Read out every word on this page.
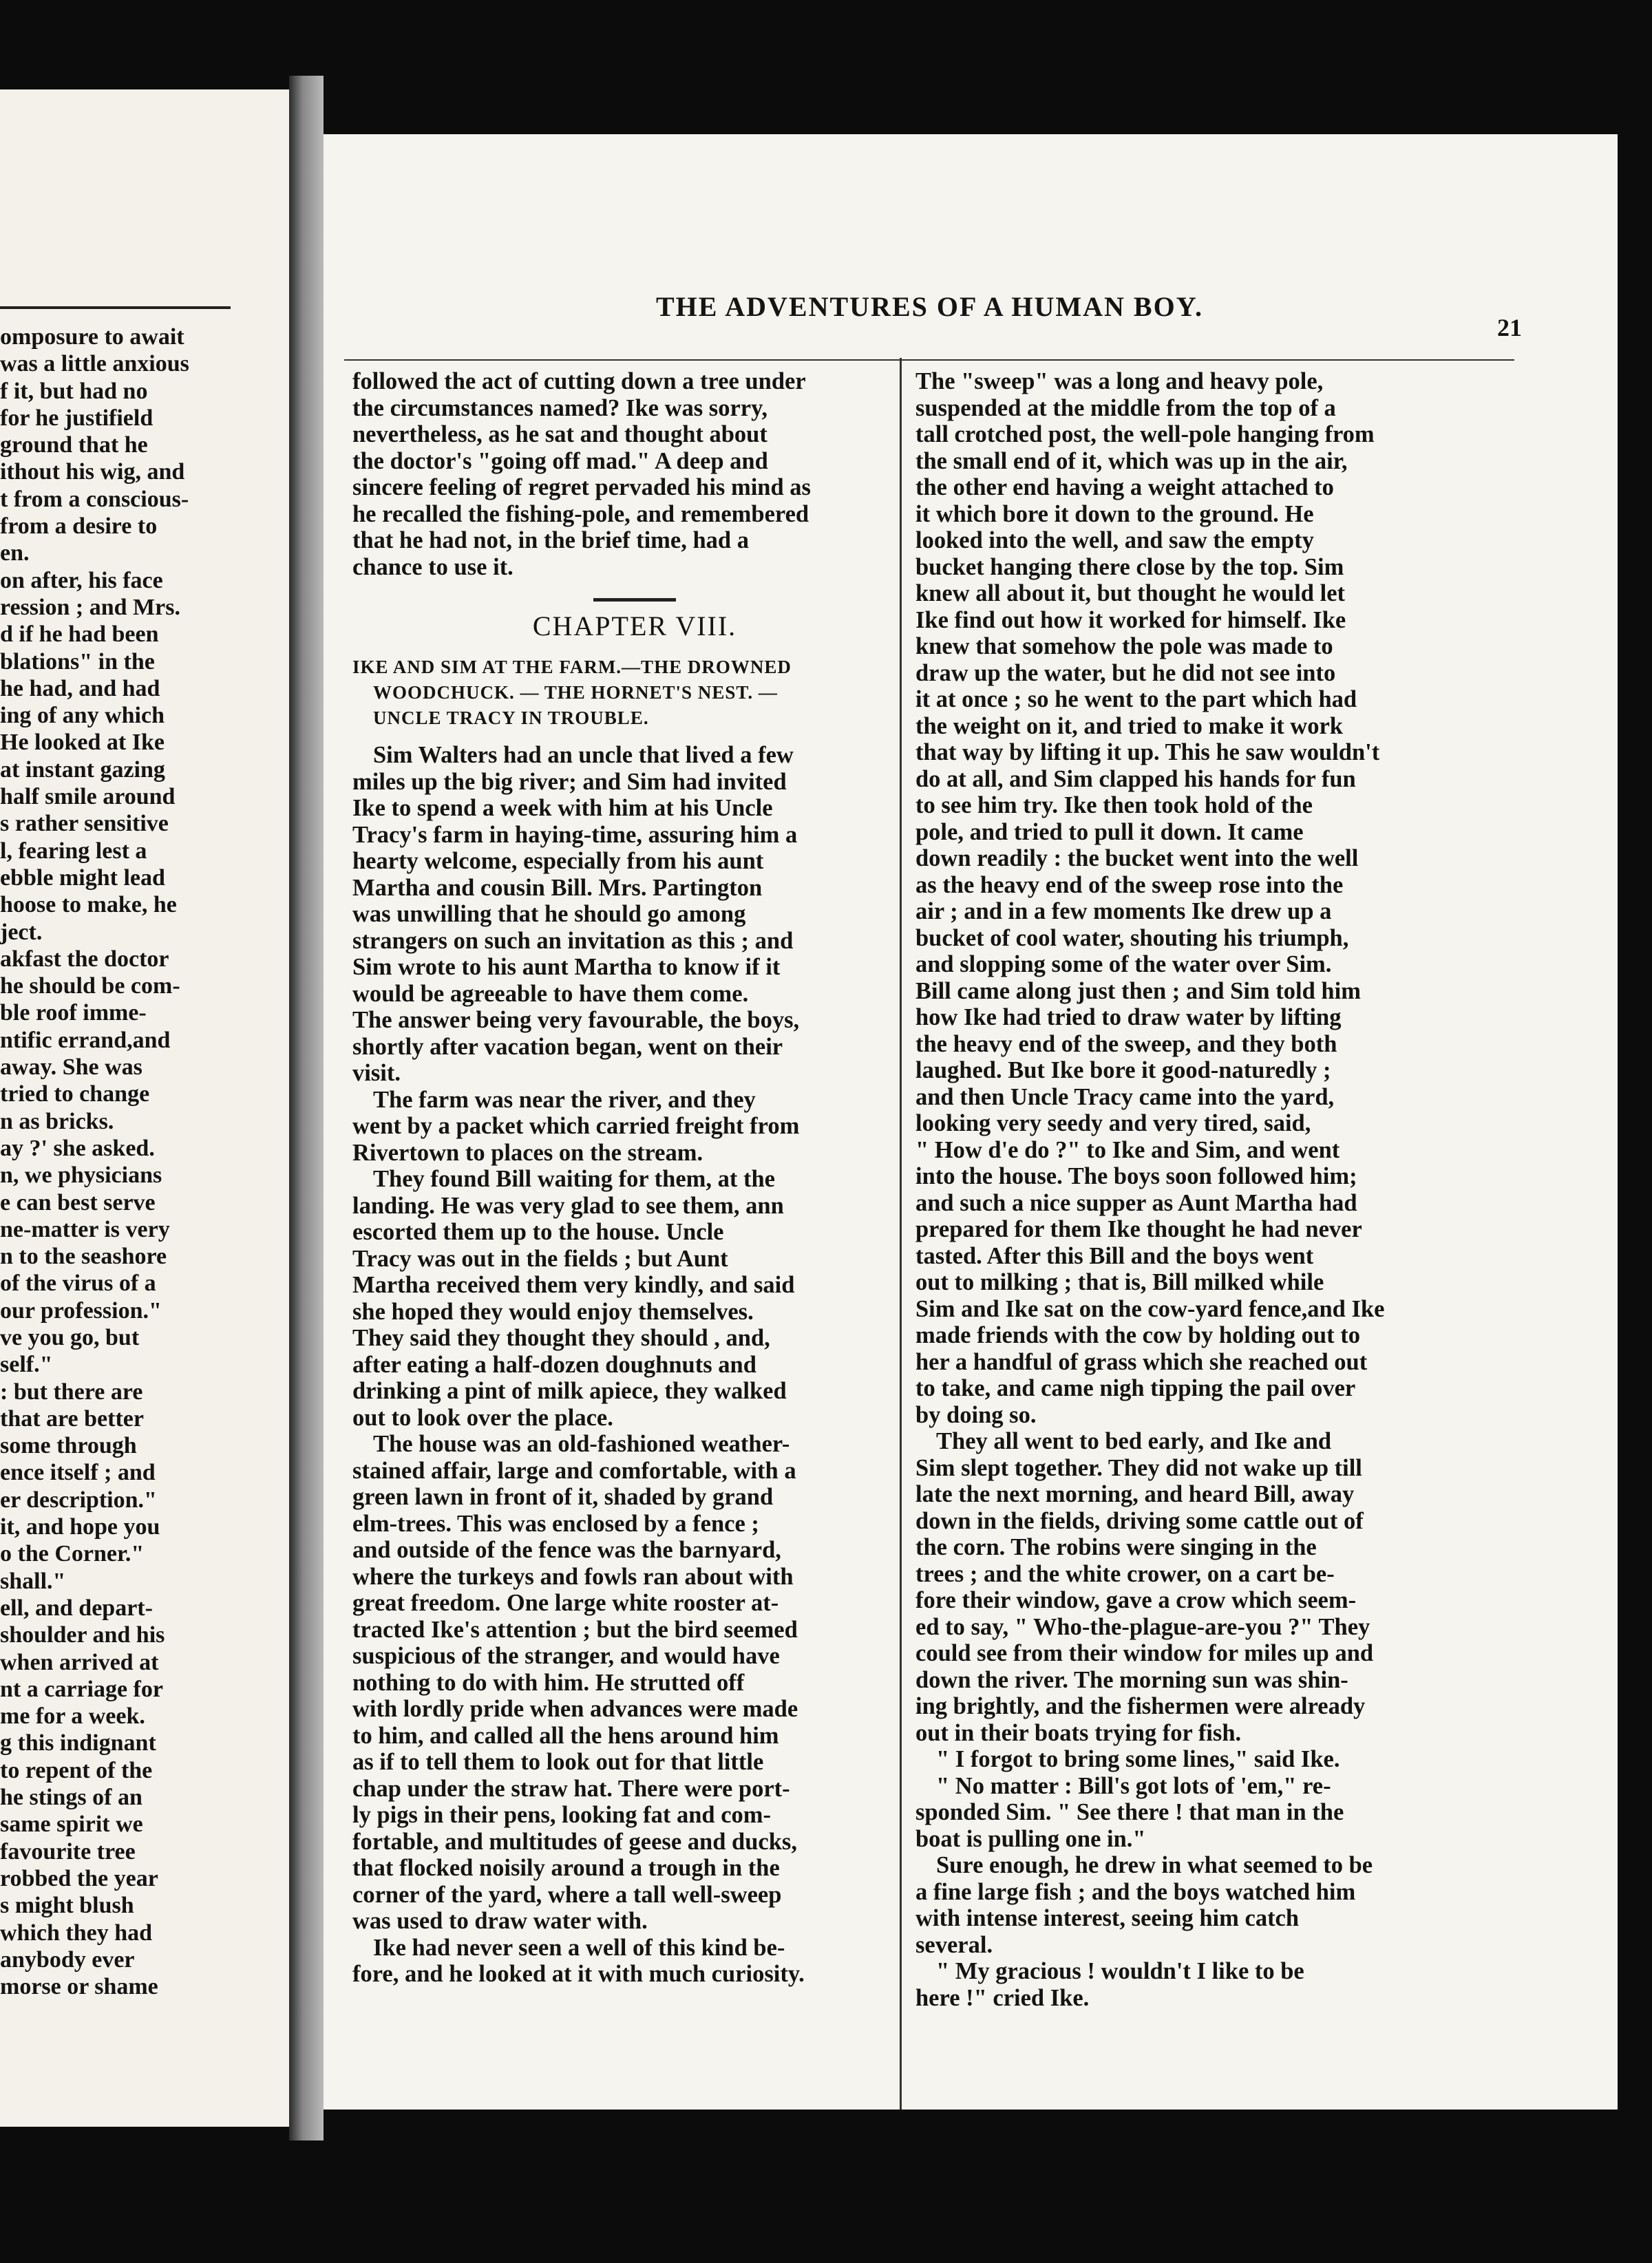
omposure to await
was a little anxious
f it, but had no
for he justifield
ground that he
ithout his wig, and
t from a conscious-
from a desire to
en.
on after, his face
ression ; and Mrs.
d if he had been
blations" in the
he had, and had
ing of any which
He looked at Ike
at instant gazing
half smile around
s rather sensitive
l, fearing lest a
ebble might lead
hoose to make, he
ject.
akfast the doctor
he should be com-
ble roof imme-
ntific errand,and
away. She was
tried to change
n as bricks.
ay ?' she asked.
n, we physicians
e can best serve
ne-matter is very
n to the seashore
of the virus of a
our profession."
ve you go, but
self."
: but there are
that are better
some through
ence itself ; and
er description."
it, and hope you
o the Corner."
shall."
ell, and depart-
shoulder and his
when arrived at
nt a carriage for
me for a week.
g this indignant
to repent of the
he stings of an
same spirit we
favourite tree
robbed the year
s might blush
which they had
anybody ever
morse or shame
THE ADVENTURES OF A HUMAN BOY.
21
followed the act of cutting down a tree under
the circumstances named? Ike was sorry,
nevertheless, as he sat and thought about
the doctor's "going off mad." A deep and
sincere feeling of regret pervaded his mind as
he recalled the fishing-pole, and remembered
that he had not, in the brief time, had a
chance to use it.
CHAPTER VIII.
IKE AND SIM AT THE FARM.—THE DROWNED
WOODCHUCK. — THE HORNET'S NEST. —
UNCLE TRACY IN TROUBLE.
Sim Walters had an uncle that lived a few
miles up the big river; and Sim had invited
Ike to spend a week with him at his Uncle
Tracy's farm in haying-time, assuring him a
hearty welcome, especially from his aunt
Martha and cousin Bill. Mrs. Partington
was unwilling that he should go among
strangers on such an invitation as this ; and
Sim wrote to his aunt Martha to know if it
would be agreeable to have them come.
The answer being very favourable, the boys,
shortly after vacation began, went on their
visit.
The farm was near the river, and they
went by a packet which carried freight from
Rivertown to places on the stream.
They found Bill waiting for them, at the
landing. He was very glad to see them, ann
escorted them up to the house. Uncle
Tracy was out in the fields ; but Aunt
Martha received them very kindly, and said
she hoped they would enjoy themselves.
They said they thought they should , and,
after eating a half-dozen doughnuts and
drinking a pint of milk apiece, they walked
out to look over the place.
The house was an old-fashioned weather-
stained affair, large and comfortable, with a
green lawn in front of it, shaded by grand
elm-trees. This was enclosed by a fence ;
and outside of the fence was the barnyard,
where the turkeys and fowls ran about with
great freedom. One large white rooster at-
tracted Ike's attention ; but the bird seemed
suspicious of the stranger, and would have
nothing to do with him. He strutted off
with lordly pride when advances were made
to him, and called all the hens around him
as if to tell them to look out for that little
chap under the straw hat. There were port-
ly pigs in their pens, looking fat and com-
fortable, and multitudes of geese and ducks,
that flocked noisily around a trough in the
corner of the yard, where a tall well-sweep
was used to draw water with.
Ike had never seen a well of this kind be-
fore, and he looked at it with much curiosity.
The "sweep" was a long and heavy pole,
suspended at the middle from the top of a
tall crotched post, the well-pole hanging from
the small end of it, which was up in the air,
the other end having a weight attached to
it which bore it down to the ground. He
looked into the well, and saw the empty
bucket hanging there close by the top. Sim
knew all about it, but thought he would let
Ike find out how it worked for himself. Ike
knew that somehow the pole was made to
draw up the water, but he did not see into
it at once ; so he went to the part which had
the weight on it, and tried to make it work
that way by lifting it up. This he saw wouldn't
do at all, and Sim clapped his hands for fun
to see him try. Ike then took hold of the
pole, and tried to pull it down. It came
down readily : the bucket went into the well
as the heavy end of the sweep rose into the
air ; and in a few moments Ike drew up a
bucket of cool water, shouting his triumph,
and slopping some of the water over Sim.
Bill came along just then ; and Sim told him
how Ike had tried to draw water by lifting
the heavy end of the sweep, and they both
laughed. But Ike bore it good-naturedly ;
and then Uncle Tracy came into the yard,
looking very seedy and very tired, said,
" How d'e do ?" to Ike and Sim, and went
into the house. The boys soon followed him;
and such a nice supper as Aunt Martha had
prepared for them Ike thought he had never
tasted. After this Bill and the boys went
out to milking ; that is, Bill milked while
Sim and Ike sat on the cow-yard fence,and Ike
made friends with the cow by holding out to
her a handful of grass which she reached out
to take, and came nigh tipping the pail over
by doing so.
They all went to bed early, and Ike and
Sim slept together. They did not wake up till
late the next morning, and heard Bill, away
down in the fields, driving some cattle out of
the corn. The robins were singing in the
trees ; and the white crower, on a cart be-
fore their window, gave a crow which seem-
ed to say, " Who-the-plague-are-you ?" They
could see from their window for miles up and
down the river. The morning sun was shin-
ing brightly, and the fishermen were already
out in their boats trying for fish.
" I forgot to bring some lines," said Ike.
" No matter : Bill's got lots of 'em," re-
sponded Sim. " See there ! that man in the
boat is pulling one in."
Sure enough, he drew in what seemed to be
a fine large fish ; and the boys watched him
with intense interest, seeing him catch
several.
" My gracious ! wouldn't I like to be
here !" cried Ike.
